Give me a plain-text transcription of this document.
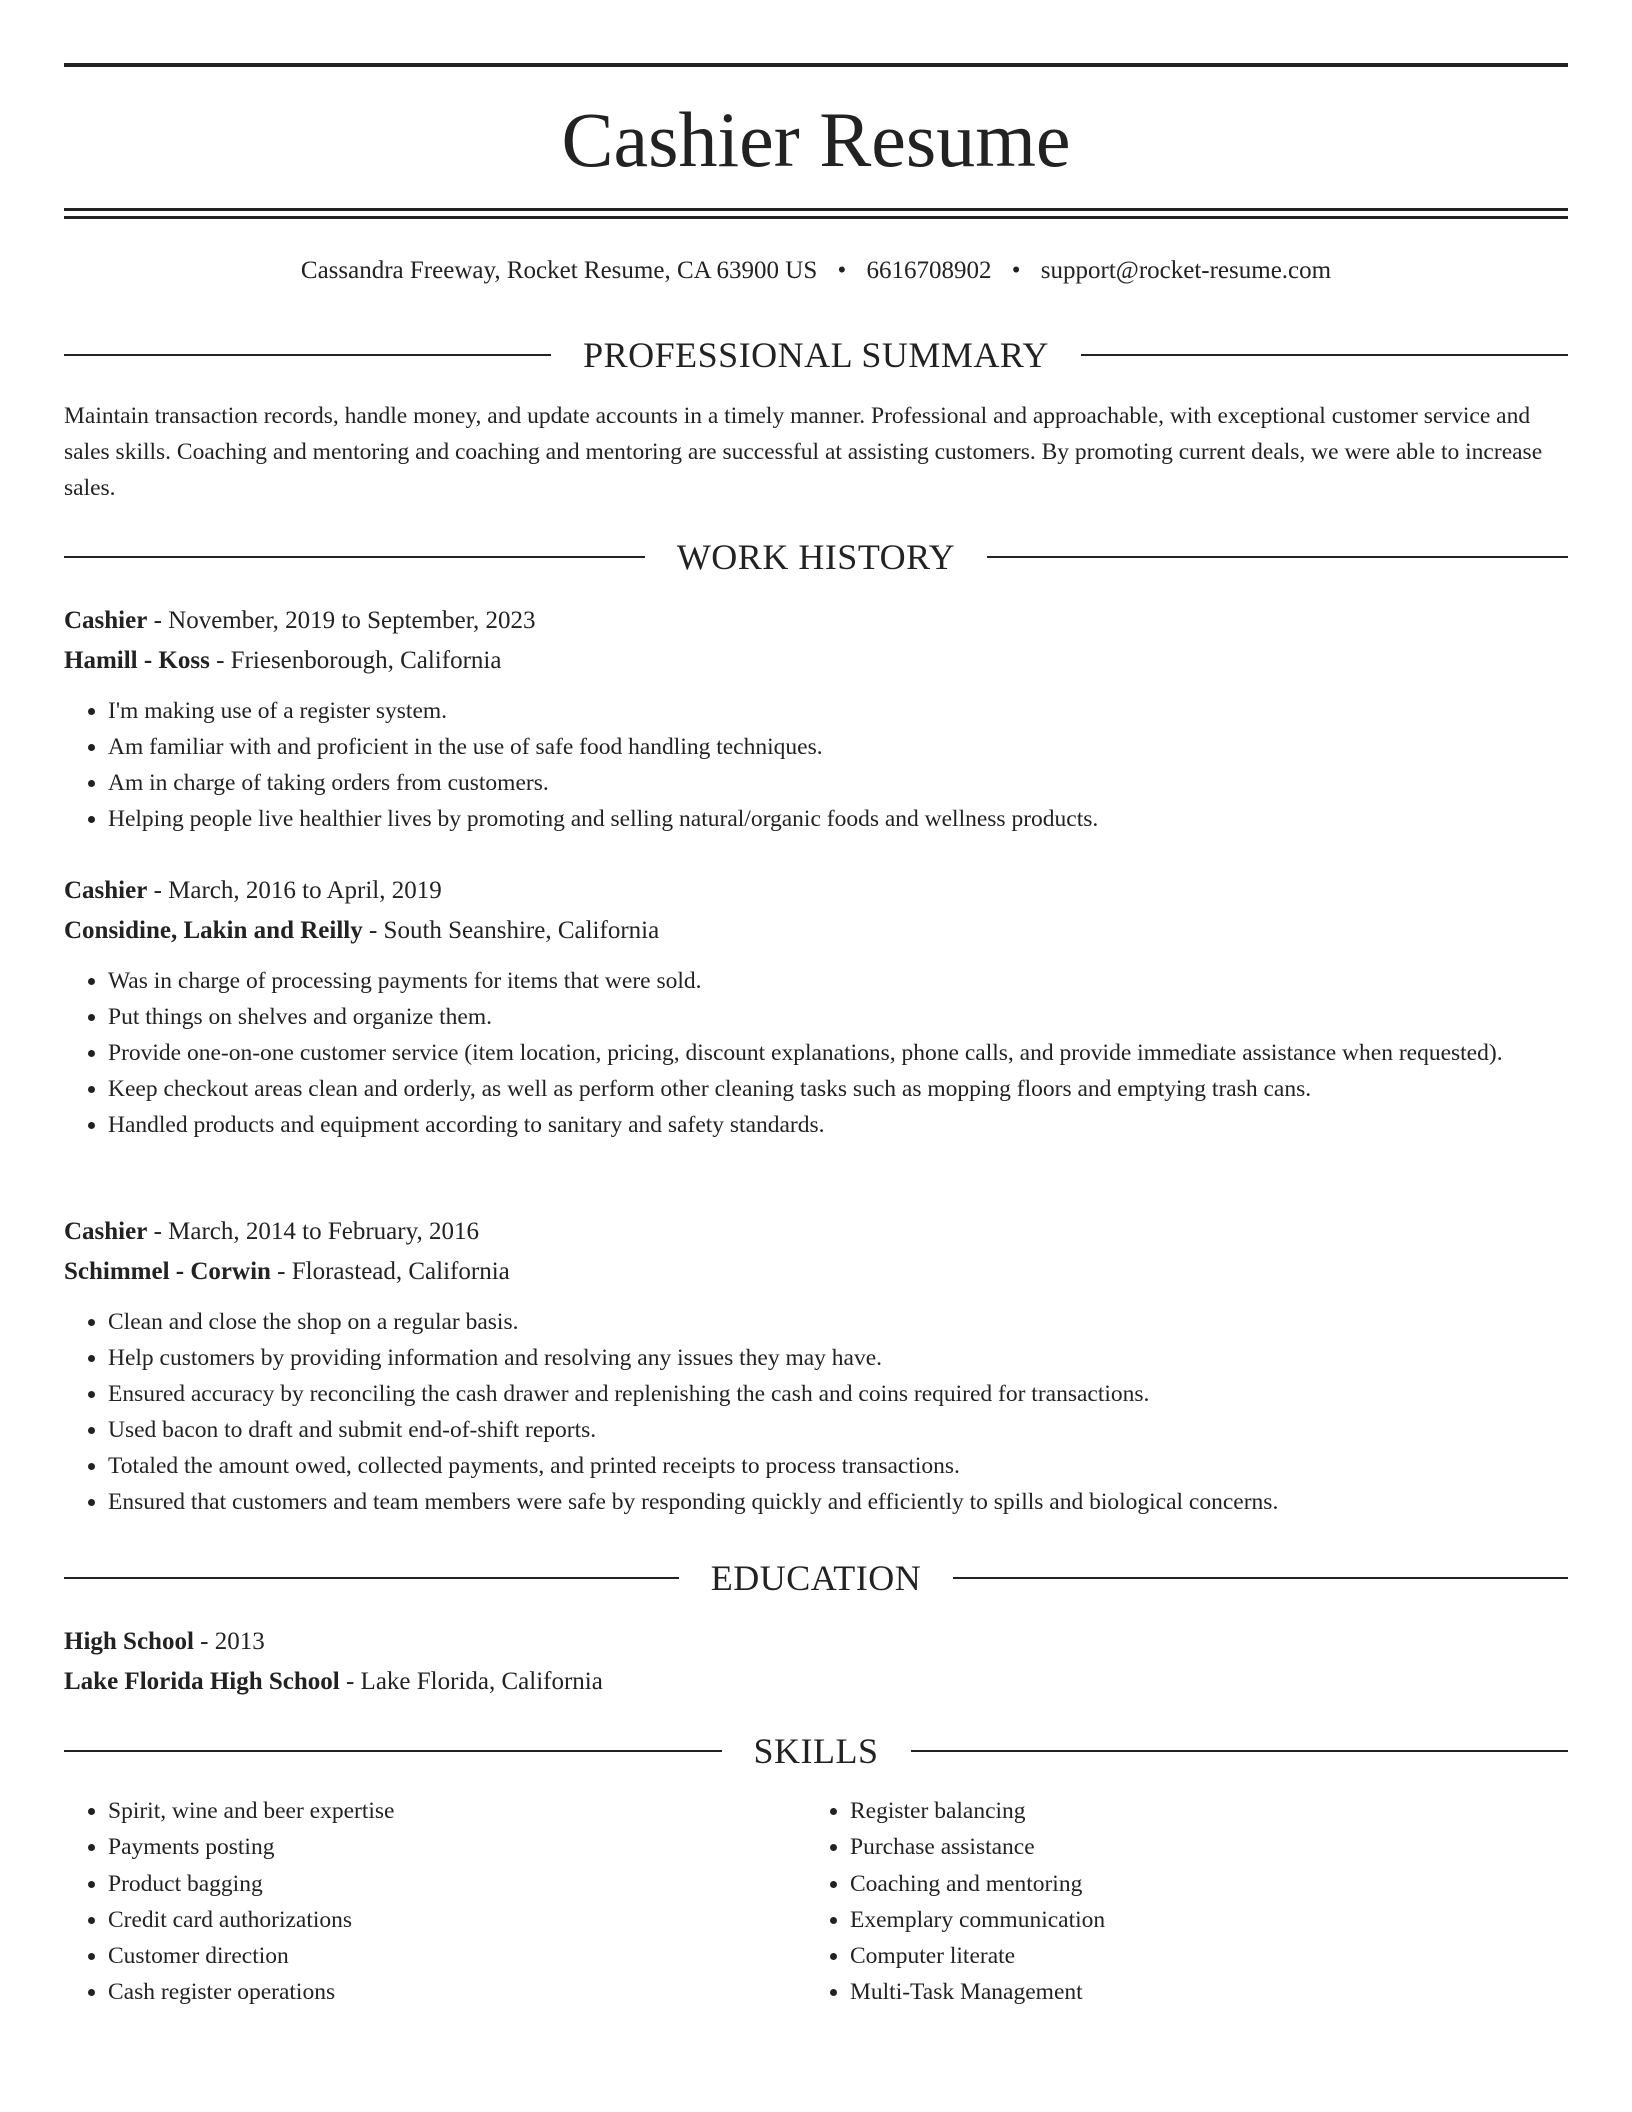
Cashier Resume
Cassandra Freeway, Rocket Resume, CA 63900 US • 6616708902 • support@rocket-resume.com
PROFESSIONAL SUMMARY

Maintain transaction records, handle money, and update accounts in a timely manner. Professional and approachable, with exceptional customer service and sales skills. Coaching and mentoring and coaching and mentoring are successful at assisting customers. By promoting current deals, we were able to increase sales.

WORK HISTORY
Cashier - November, 2019 to September, 2023
Hamill - Koss - Friesenborough, California
• I'm making use of a register system.
• Am familiar with and proficient in the use of safe food handling techniques.
• Am in charge of taking orders from customers.
• Helping people live healthier lives by promoting and selling natural/organic foods and wellness products.
Cashier - March, 2016 to April, 2019
Considine, Lakin and Reilly - South Seanshire, California
• Was in charge of processing payments for items that were sold.
• Put things on shelves and organize them.
• Provide one-on-one customer service (item location, pricing, discount explanations, phone calls, and provide immediate assistance when requested).
• Keep checkout areas clean and orderly, as well as perform other cleaning tasks such as mopping floors and emptying trash cans.
• Handled products and equipment according to sanitary and safety standards.
Cashier - March, 2014 to February, 2016
Schimmel - Corwin - Florastead, California
• Clean and close the shop on a regular basis.
• Help customers by providing information and resolving any issues they may have.
• Ensured accuracy by reconciling the cash drawer and replenishing the cash and coins required for transactions.
• Used bacon to draft and submit end-of-shift reports.
• Totaled the amount owed, collected payments, and printed receipts to process transactions.
• Ensured that customers and team members were safe by responding quickly and efficiently to spills and biological concerns.
EDUCATION
High School - 2013
Lake Florida High School - Lake Florida, California
SKILLS
• Spirit, wine and beer expertise
• Payments posting
• Product bagging
• Credit card authorizations
• Customer direction
• Cash register operations
• Register balancing
• Purchase assistance
• Coaching and mentoring
• Exemplary communication
• Computer literate
• Multi-Task Management
